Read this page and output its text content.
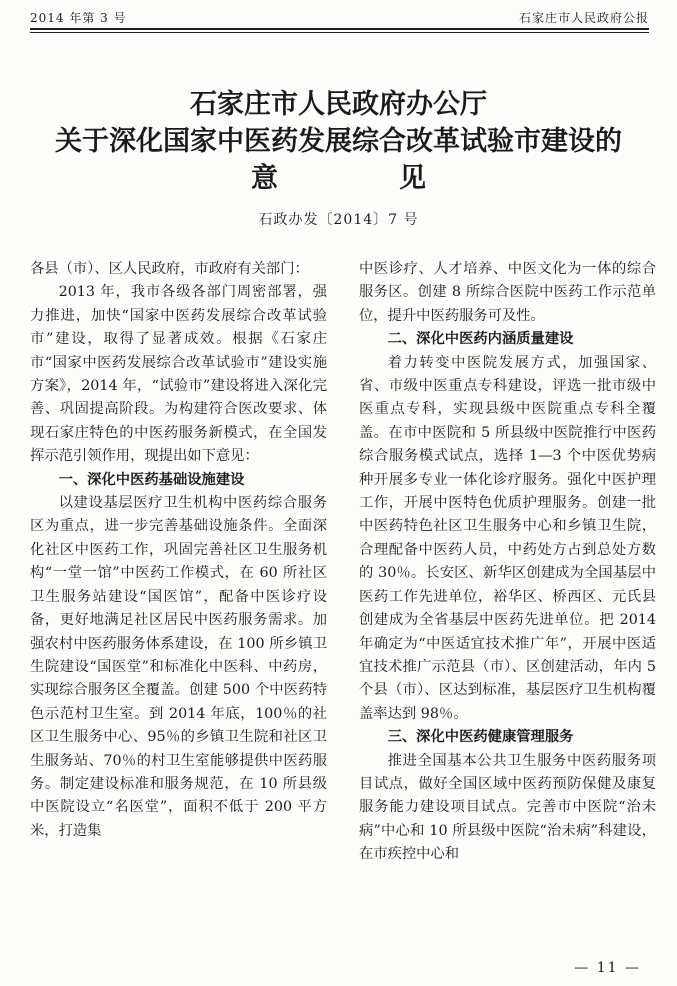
2014 年第 3 号	石家庄市人民政府公报
石家庄市人民政府办公厅
关于深化国家中医药发展综合改革试验市建设的
意	见
石政办发〔2014〕7 号

各县（市）、区人民政府，市政府有关部门：

2013 年，我市各级各部门周密部署，强力推进，加快“国家中医药发展综合改革试验市”建设，取得了显著成效。根据《石家庄市“国家中医药发展综合改革试验市”建设实施方案》，2014 年，“试验市”建设将进入深化完善、巩固提高阶段。为构建符合医改要求、体现石家庄特色的中医药服务新模式，在全国发挥示范引领作用，现提出如下意见：

一、深化中医药基础设施建设

以建设基层医疗卫生机构中医药综合服务区为重点，进一步完善基础设施条件。全面深化社区中医药工作，巩固完善社区卫生服务机构“一堂一馆”中医药工作模式，在 60 所社区卫生服务站建设“国医馆”，配备中医诊疗设备，更好地满足社区居民中医药服务需求。加强农村中医药服务体系建设，在 100 所乡镇卫生院建设“国医堂”和标准化中医科、中药房，实现综合服务区全覆盖。创建 500 个中医药特色示范村卫生室。到 2014 年底，100％的社区卫生服务中心、95％的乡镇卫生院和社区卫生服务站、70％的村卫生室能够提供中医药服务。制定建设标准和服务规范，在 10 所县级中医院设立“名医堂”，面积不低于 200 平方米，打造集

中医诊疗、人才培养、中医文化为一体的综合服务区。创建 8 所综合医院中医药工作示范单位，提升中医药服务可及性。

二、深化中医药内涵质量建设

着力转变中医院发展方式，加强国家、省、市级中医重点专科建设，评选一批市级中医重点专科，实现县级中医院重点专科全覆盖。在市中医院和 5 所县级中医院推行中医药综合服务模式试点，选择 1—3 个中医优势病种开展多专业一体化诊疗服务。强化中医护理工作，开展中医特色优质护理服务。创建一批中医药特色社区卫生服务中心和乡镇卫生院，合理配备中医药人员，中药处方占到总处方数的 30％。长安区、新华区创建成为全国基层中医药工作先进单位，裕华区、桥西区、元氏县创建成为全省基层中医药先进单位。把 2014 年确定为“中医适宜技术推广年”，开展中医适宜技术推广示范县（市）、区创建活动，年内 5 个县（市）、区达到标准，基层医疗卫生机构覆盖率达到 98％。

三、深化中医药健康管理服务

推进全国基本公共卫生服务中医药服务项目试点，做好全国区域中医药预防保健及康复服务能力建设项目试点。完善市中医院“治未病”中心和 10 所县级中医院“治未病”科建设，在市疾控中心和

— 11 —
